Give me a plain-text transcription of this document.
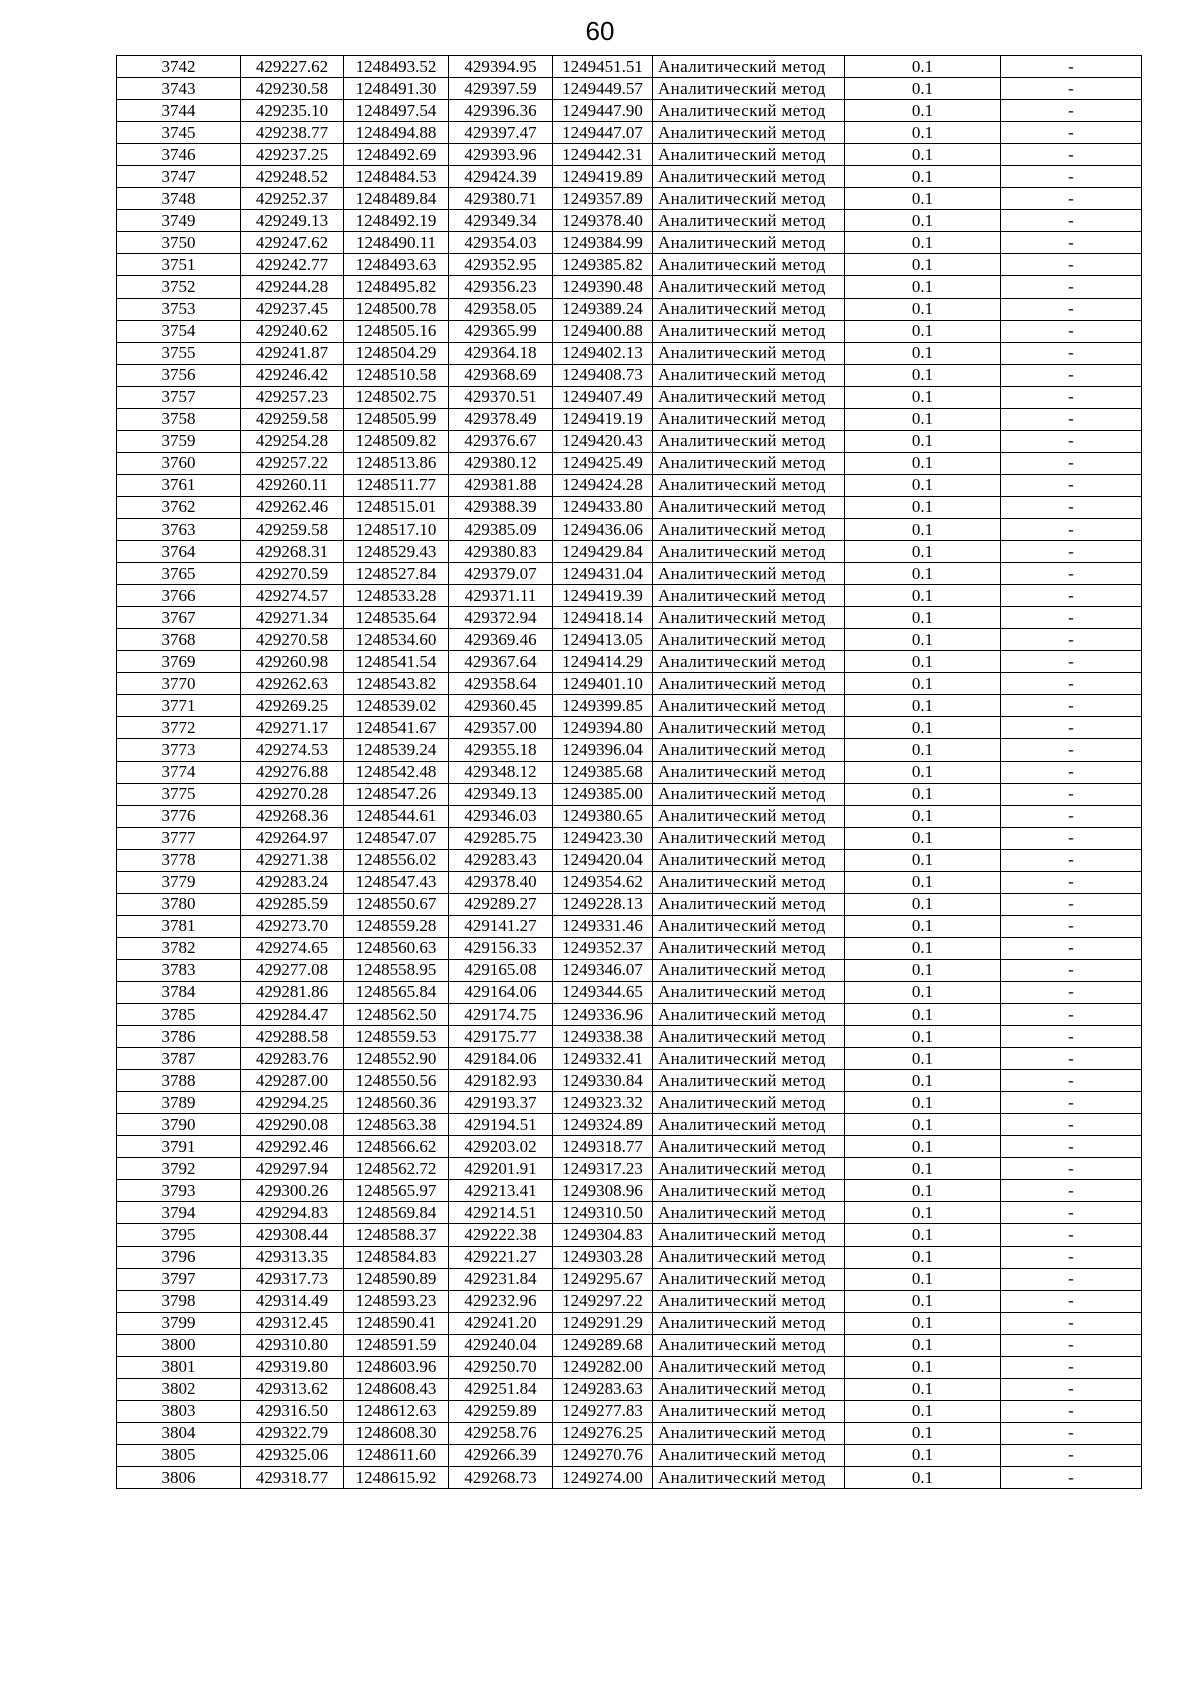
60
3742	429227.62	1248493.52	429394.95	1249451.51	Аналитический метод	0.1	-
3743	429230.58	1248491.30	429397.59	1249449.57	Аналитический метод	0.1	-
3744	429235.10	1248497.54	429396.36	1249447.90	Аналитический метод	0.1	-
3745	429238.77	1248494.88	429397.47	1249447.07	Аналитический метод	0.1	-
3746	429237.25	1248492.69	429393.96	1249442.31	Аналитический метод	0.1	-
3747	429248.52	1248484.53	429424.39	1249419.89	Аналитический метод	0.1	-
3748	429252.37	1248489.84	429380.71	1249357.89	Аналитический метод	0.1	-
3749	429249.13	1248492.19	429349.34	1249378.40	Аналитический метод	0.1	-
3750	429247.62	1248490.11	429354.03	1249384.99	Аналитический метод	0.1	-
3751	429242.77	1248493.63	429352.95	1249385.82	Аналитический метод	0.1	-
3752	429244.28	1248495.82	429356.23	1249390.48	Аналитический метод	0.1	-
3753	429237.45	1248500.78	429358.05	1249389.24	Аналитический метод	0.1	-
3754	429240.62	1248505.16	429365.99	1249400.88	Аналитический метод	0.1	-
3755	429241.87	1248504.29	429364.18	1249402.13	Аналитический метод	0.1	-
3756	429246.42	1248510.58	429368.69	1249408.73	Аналитический метод	0.1	-
3757	429257.23	1248502.75	429370.51	1249407.49	Аналитический метод	0.1	-
3758	429259.58	1248505.99	429378.49	1249419.19	Аналитический метод	0.1	-
3759	429254.28	1248509.82	429376.67	1249420.43	Аналитический метод	0.1	-
3760	429257.22	1248513.86	429380.12	1249425.49	Аналитический метод	0.1	-
3761	429260.11	1248511.77	429381.88	1249424.28	Аналитический метод	0.1	-
3762	429262.46	1248515.01	429388.39	1249433.80	Аналитический метод	0.1	-
3763	429259.58	1248517.10	429385.09	1249436.06	Аналитический метод	0.1	-
3764	429268.31	1248529.43	429380.83	1249429.84	Аналитический метод	0.1	-
3765	429270.59	1248527.84	429379.07	1249431.04	Аналитический метод	0.1	-
3766	429274.57	1248533.28	429371.11	1249419.39	Аналитический метод	0.1	-
3767	429271.34	1248535.64	429372.94	1249418.14	Аналитический метод	0.1	-
3768	429270.58	1248534.60	429369.46	1249413.05	Аналитический метод	0.1	-
3769	429260.98	1248541.54	429367.64	1249414.29	Аналитический метод	0.1	-
3770	429262.63	1248543.82	429358.64	1249401.10	Аналитический метод	0.1	-
3771	429269.25	1248539.02	429360.45	1249399.85	Аналитический метод	0.1	-
3772	429271.17	1248541.67	429357.00	1249394.80	Аналитический метод	0.1	-
3773	429274.53	1248539.24	429355.18	1249396.04	Аналитический метод	0.1	-
3774	429276.88	1248542.48	429348.12	1249385.68	Аналитический метод	0.1	-
3775	429270.28	1248547.26	429349.13	1249385.00	Аналитический метод	0.1	-
3776	429268.36	1248544.61	429346.03	1249380.65	Аналитический метод	0.1	-
3777	429264.97	1248547.07	429285.75	1249423.30	Аналитический метод	0.1	-
3778	429271.38	1248556.02	429283.43	1249420.04	Аналитический метод	0.1	-
3779	429283.24	1248547.43	429378.40	1249354.62	Аналитический метод	0.1	-
3780	429285.59	1248550.67	429289.27	1249228.13	Аналитический метод	0.1	-
3781	429273.70	1248559.28	429141.27	1249331.46	Аналитический метод	0.1	-
3782	429274.65	1248560.63	429156.33	1249352.37	Аналитический метод	0.1	-
3783	429277.08	1248558.95	429165.08	1249346.07	Аналитический метод	0.1	-
3784	429281.86	1248565.84	429164.06	1249344.65	Аналитический метод	0.1	-
3785	429284.47	1248562.50	429174.75	1249336.96	Аналитический метод	0.1	-
3786	429288.58	1248559.53	429175.77	1249338.38	Аналитический метод	0.1	-
3787	429283.76	1248552.90	429184.06	1249332.41	Аналитический метод	0.1	-
3788	429287.00	1248550.56	429182.93	1249330.84	Аналитический метод	0.1	-
3789	429294.25	1248560.36	429193.37	1249323.32	Аналитический метод	0.1	-
3790	429290.08	1248563.38	429194.51	1249324.89	Аналитический метод	0.1	-
3791	429292.46	1248566.62	429203.02	1249318.77	Аналитический метод	0.1	-
3792	429297.94	1248562.72	429201.91	1249317.23	Аналитический метод	0.1	-
3793	429300.26	1248565.97	429213.41	1249308.96	Аналитический метод	0.1	-
3794	429294.83	1248569.84	429214.51	1249310.50	Аналитический метод	0.1	-
3795	429308.44	1248588.37	429222.38	1249304.83	Аналитический метод	0.1	-
3796	429313.35	1248584.83	429221.27	1249303.28	Аналитический метод	0.1	-
3797	429317.73	1248590.89	429231.84	1249295.67	Аналитический метод	0.1	-
3798	429314.49	1248593.23	429232.96	1249297.22	Аналитический метод	0.1	-
3799	429312.45	1248590.41	429241.20	1249291.29	Аналитический метод	0.1	-
3800	429310.80	1248591.59	429240.04	1249289.68	Аналитический метод	0.1	-
3801	429319.80	1248603.96	429250.70	1249282.00	Аналитический метод	0.1	-
3802	429313.62	1248608.43	429251.84	1249283.63	Аналитический метод	0.1	-
3803	429316.50	1248612.63	429259.89	1249277.83	Аналитический метод	0.1	-
3804	429322.79	1248608.30	429258.76	1249276.25	Аналитический метод	0.1	-
3805	429325.06	1248611.60	429266.39	1249270.76	Аналитический метод	0.1	-
3806	429318.77	1248615.92	429268.73	1249274.00	Аналитический метод	0.1	-
